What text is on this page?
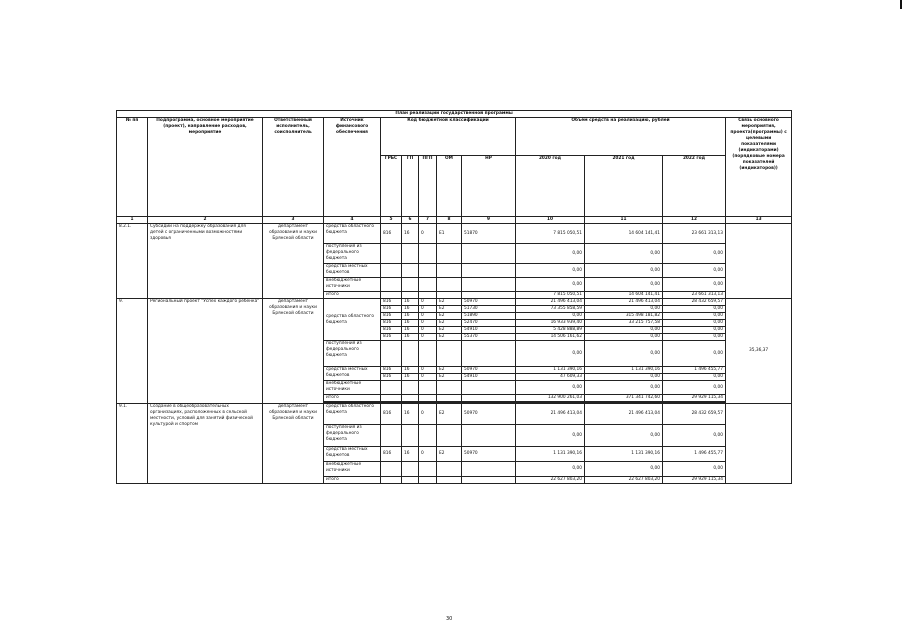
План реализации государственной программы												
№ пп	Подпрограмма, основное мероприятие (проект), направление расходов, мероприятие	Ответственный исполнитель, соисполнитель	Источник финансового обеспечения	Код бюджетной классификации					Объём средств на реализацию, рублей			Связь основного мероприятия, проекта(программы) с целевыми показателями (индикаторами) (порядковые номера показателей (индикаторов))
				ГРБС	ГП	ПГП	ОМ	НР	2020 год	2021 год	2022 год	
1	2	3	4	5	6	7	8	9	10	11	12	13
8.2.1.	Субсидии на поддержку образования для детей с ограниченными возможностями здоровья	департамент образования и науки Брянской области	средства областного бюджета	816	16	0	Е1	51870	7 815 050,51	14 604 141,41	23 661 313,13	
			поступления из федерального бюджета						0,00	0,00	0,00	
			средства местных бюджетов						0,00	0,00	0,00	
			внебюджетные источники						0,00	0,00	0,00	
			итого						7 815 050,51	14 604 141,41	23 661 313,13	
9.	Региональный проект "Успех каждого ребенка"	департамент образования и науки Брянской области	средства областного бюджета	816	16	0	Е2	50970	21 496 413,04	21 496 413,04	28 432 659,57	35,36,37
				816	16	0	Е2	51730	73 355 858,59	0,00	0,00	
				816	16	0	Е2	51890	0,00	315 498 181,82	0,00	
				816	16	0	Е2	52470	16 933 939,40	33 215 757,58	0,00	
				816	16	0	Е2	54910	5 428 888,89	0,00	0,00	
				816	16	0	Е2	55370	14 506 161,62	0,00	0,00	
			поступления из федерального бюджета						0,00	0,00	0,00	
			средства местных бюджетов	816	16	0	Е2	50970	1 131 390,16	1 131 390,16	1 496 455,77	
				816	16	0	Е2	54910	47 609,33	0,00	0,00	
			внебюджетные источники						0,00	0,00	0,00	
			итого						132 900 261,03	371 341 742,60	29 929 115,34	

9.1.	Создание в общеобразовательных организациях, расположенных в сельской местности, условий для занятий физической культурой и спортом	департамент образования и науки Брянской области	средства областного бюджета	816	16	0	Е2	50970	21 496 413,04	21 496 413,04	28 432 659,57	
			поступления из федерального бюджета						0,00	0,00	0,00	
			средства местных бюджетов	816	16	0	Е2	50970	1 131 390,16	1 131 390,16	1 496 455,77	
			внебюджетные источники						0,00	0,00	0,00	
			итого						22 627 803,20	22 627 803,20	29 929 115,34	
30
